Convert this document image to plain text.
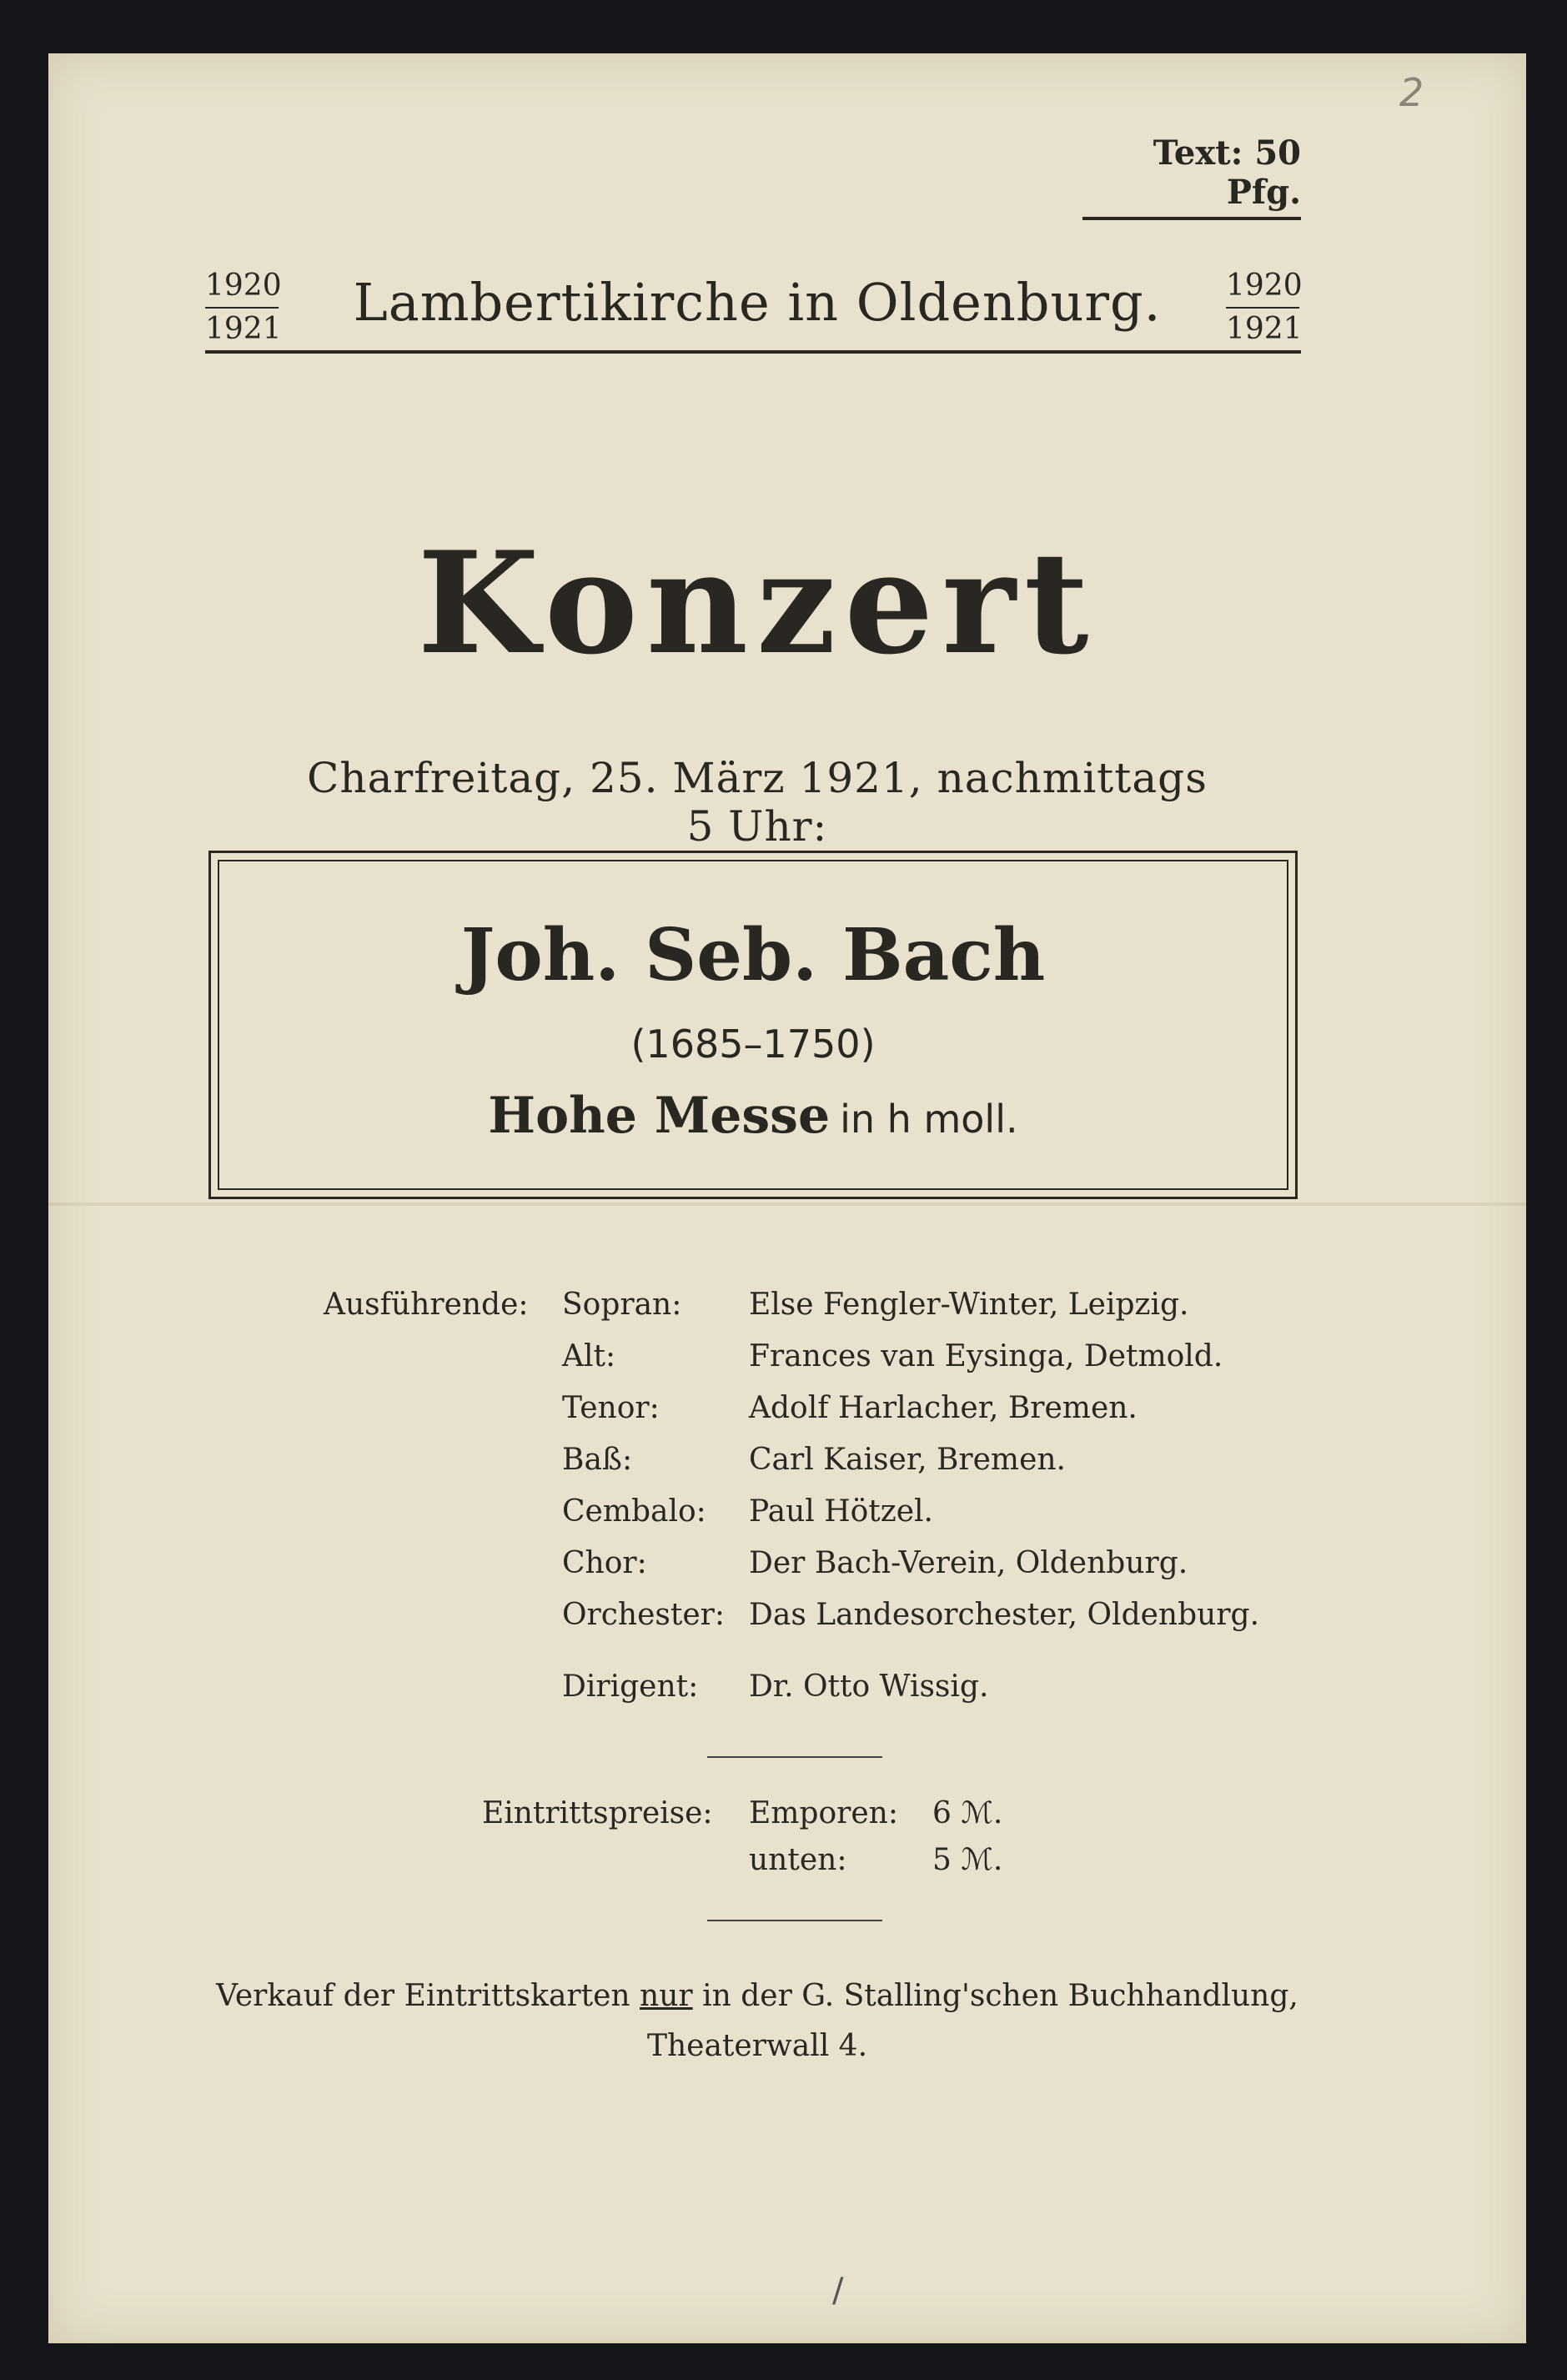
2
Text: 50 Pfg.
1920
1921	Lambertikirche in Oldenburg.	1920
1921
Konzert
Charfreitag, 25. März 1921, nachmittags 5 Uhr:
Joh. Seb. Bach
(1685–1750)
Hohe Messe in h moll.
Ausführende: Sopran:	Else Fengler-Winter, Leipzig.
Alt:	Frances van Eysinga, Detmold.
Tenor:	Adolf Harlacher, Bremen.
Baß:	Carl Kaiser, Bremen.
Cembalo:	Paul Hötzel.
Chor:	Der Bach-Verein, Oldenburg.
Orchester: Das Landesorchester, Oldenburg.
Dirigent:	Dr. Otto Wissig.
Eintrittspreise: Emporen: 6 ℳ.
unten:	5 ℳ.
Verkauf der Eintrittskarten nur in der G. Stalling'schen Buchhandlung,
Theaterwall 4.
/
